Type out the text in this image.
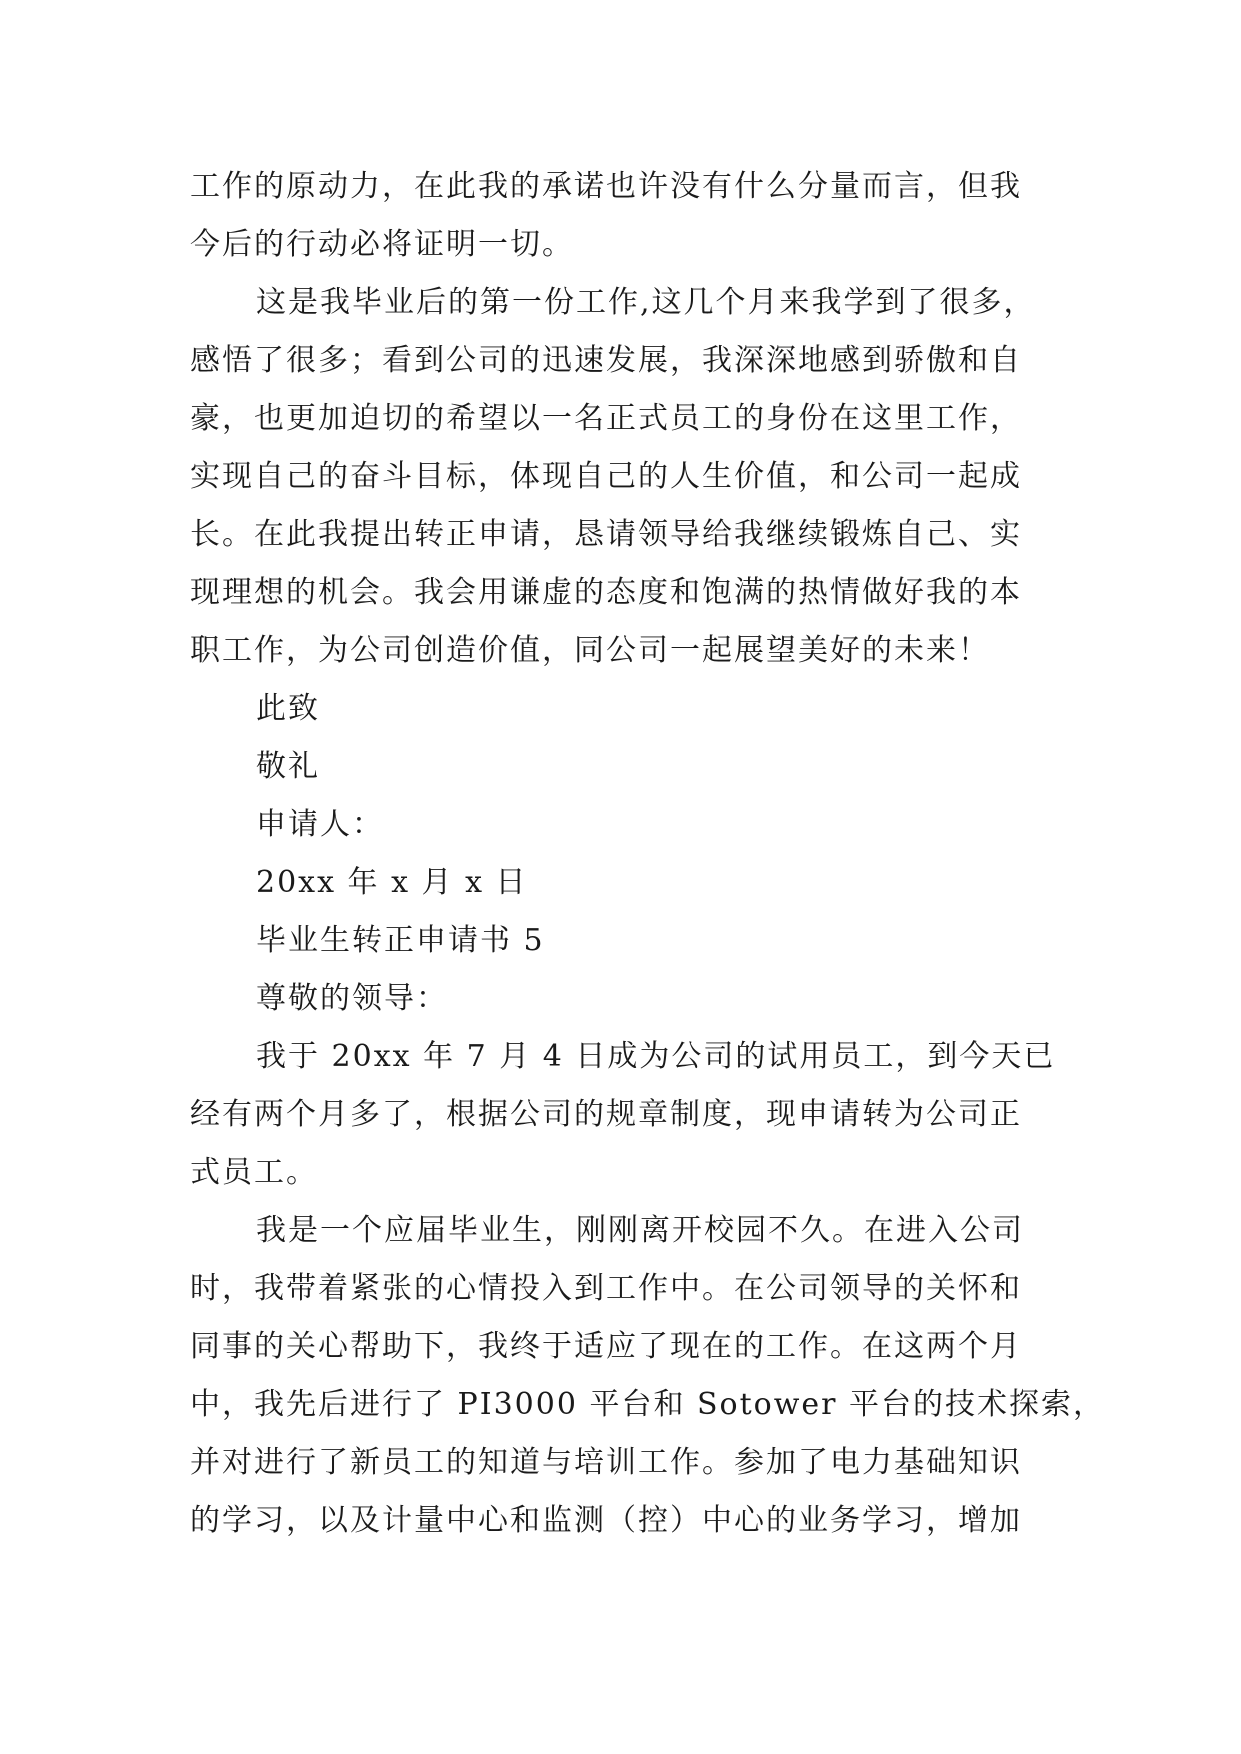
工作的原动力，在此我的承诺也许没有什么分量而言，但我
今后的行动必将证明一切。
这是我毕业后的第一份工作,这几个月来我学到了很多，
感悟了很多；看到公司的迅速发展，我深深地感到骄傲和自
豪，也更加迫切的希望以一名正式员工的身份在这里工作，
实现自己的奋斗目标，体现自己的人生价值，和公司一起成
长。在此我提出转正申请，恳请领导给我继续锻炼自己、实
现理想的机会。我会用谦虚的态度和饱满的热情做好我的本
职工作，为公司创造价值，同公司一起展望美好的未来！
此致
敬礼
申请人：
20xx 年 x 月 x 日
毕业生转正申请书 5
尊敬的领导：
我于 20xx 年 7 月 4 日成为公司的试用员工，到今天已
经有两个月多了，根据公司的规章制度，现申请转为公司正
式员工。
我是一个应届毕业生，刚刚离开校园不久。在进入公司
时，我带着紧张的心情投入到工作中。在公司领导的关怀和
同事的关心帮助下，我终于适应了现在的工作。在这两个月
中，我先后进行了 PI3000 平台和 Sotower 平台的技术探索，
并对进行了新员工的知道与培训工作。参加了电力基础知识
的学习，以及计量中心和监测（控）中心的业务学习，增加
